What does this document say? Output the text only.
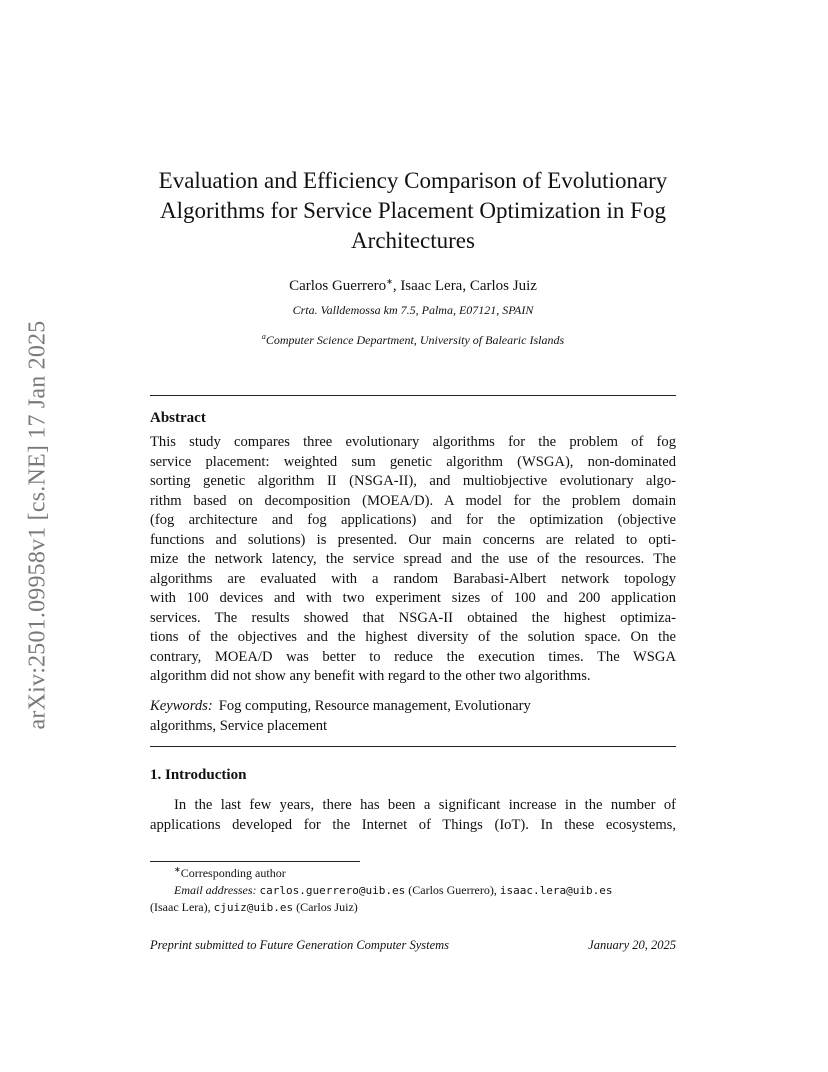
arXiv:2501.09958v1 [cs.NE] 17 Jan 2025
Evaluation and Efficiency Comparison of Evolutionary
Algorithms for Service Placement Optimization in Fog
Architectures
Carlos Guerrero∗, Isaac Lera, Carlos Juiz
Crta. Valldemossa km 7.5, Palma, E07121, SPAIN
$^a$Computer Science Department, University of Balearic Islands
Abstract
This study compares three evolutionary algorithms for the problem of fog
service placement: weighted sum genetic algorithm (WSGA), non-dominated
sorting genetic algorithm II (NSGA-II), and multiobjective evolutionary algo-
rithm based on decomposition (MOEA/D). A model for the problem domain
(fog architecture and fog applications) and for the optimization (objective
functions and solutions) is presented. Our main concerns are related to opti-
mize the network latency, the service spread and the use of the resources. The
algorithms are evaluated with a random Barabasi-Albert network topology
with 100 devices and with two experiment sizes of 100 and 200 application
services. The results showed that NSGA-II obtained the highest optimiza-
tions of the objectives and the highest diversity of the solution space. On the
contrary, MOEA/D was better to reduce the execution times. The WSGA
algorithm did not show any benefit with regard to the other two algorithms.
Keywords: Fog computing, Resource management, Evolutionary
algorithms, Service placement
1. Introduction
In the last few years, there has been a significant increase in the number of
applications developed for the Internet of Things (IoT). In these ecosystems,
∗Corresponding author
Email addresses: carlos.guerrero@uib.es (Carlos Guerrero), isaac.lera@uib.es
(Isaac Lera), cjuiz@uib.es (Carlos Juiz)
Preprint submitted to Future Generation Computer Systems	January 20, 2025
